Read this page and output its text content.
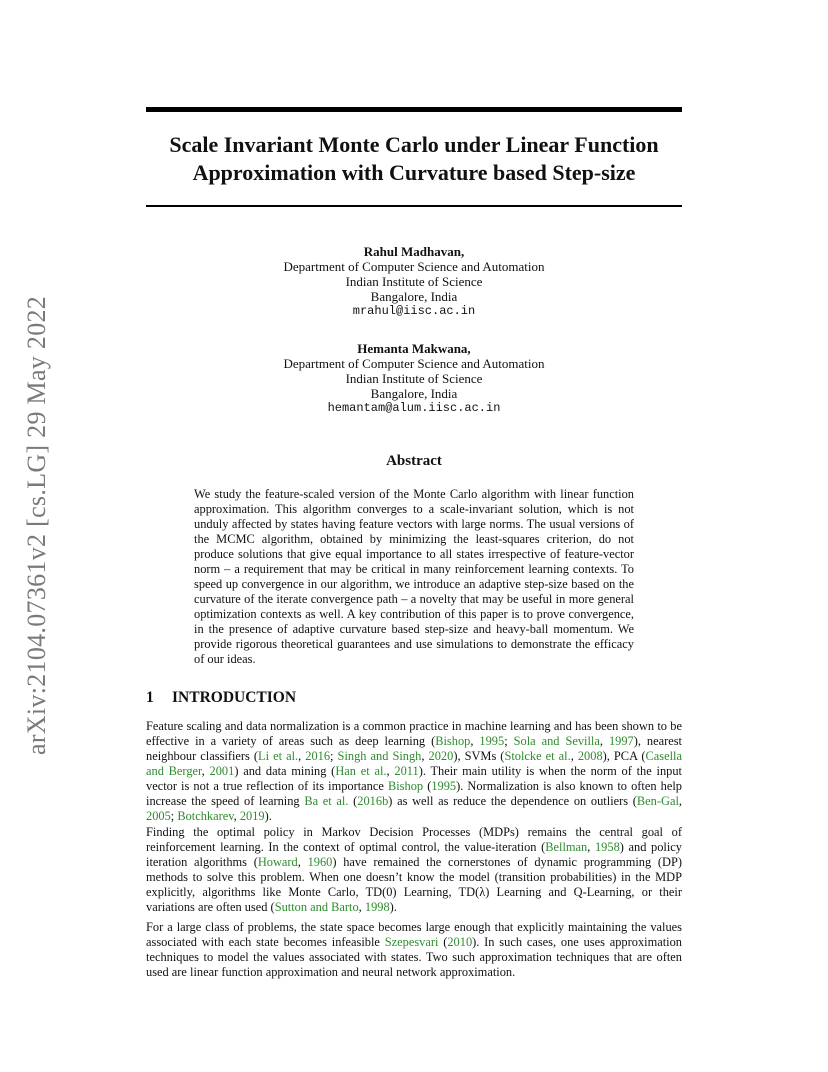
arXiv:2104.07361v2 [cs.LG] 29 May 2022
Scale Invariant Monte Carlo under Linear Function
Approximation with Curvature based Step-size
Rahul Madhavan,
Department of Computer Science and Automation
Indian Institute of Science
Bangalore, India
mrahul@iisc.ac.in
Hemanta Makwana,
Department of Computer Science and Automation
Indian Institute of Science
Bangalore, India
hemantam@alum.iisc.ac.in
Abstract
We study the feature-scaled version of the Monte Carlo algorithm with linear function approximation. This algorithm converges to a scale-invariant solution, which is not unduly affected by states having feature vectors with large norms. The usual versions of the MCMC algorithm, obtained by minimizing the least-squares criterion, do not produce solutions that give equal importance to all states irrespective of feature-vector norm – a requirement that may be critical in many reinforcement learning contexts. To speed up convergence in our algorithm, we introduce an adaptive step-size based on the curvature of the iterate convergence path – a novelty that may be useful in more general optimization contexts as well. A key contribution of this paper is to prove convergence, in the presence of adaptive curvature based step-size and heavy-ball momentum. We provide rigorous theoretical guarantees and use simulations to demonstrate the efficacy of our ideas.
1 INTRODUCTION
Feature scaling and data normalization is a common practice in machine learning and has been shown to be effective in a variety of areas such as deep learning (Bishop, 1995; Sola and Sevilla, 1997), nearest neighbour classifiers (Li et al., 2016; Singh and Singh, 2020), SVMs (Stolcke et al., 2008), PCA (Casella and Berger, 2001) and data mining (Han et al., 2011). Their main utility is when the norm of the input vector is not a true reflection of its importance Bishop (1995). Normalization is also known to often help increase the speed of learning Ba et al. (2016b) as well as reduce the dependence on outliers (Ben-Gal, 2005; Botchkarev, 2019).
Finding the optimal policy in Markov Decision Processes (MDPs) remains the central goal of reinforcement learning. In the context of optimal control, the value-iteration (Bellman, 1958) and policy iteration algorithms (Howard, 1960) have remained the cornerstones of dynamic programming (DP) methods to solve this problem. When one doesn’t know the model (transition probabilities) in the MDP explicitly, algorithms like Monte Carlo, TD(0) Learning, TD(λ) Learning and Q-Learning, or their variations are often used (Sutton and Barto, 1998).
For a large class of problems, the state space becomes large enough that explicitly maintaining the values associated with each state becomes infeasible Szepesvari (2010). In such cases, one uses approximation techniques to model the values associated with states. Two such approximation techniques that are often used are linear function approximation and neural network approximation.
